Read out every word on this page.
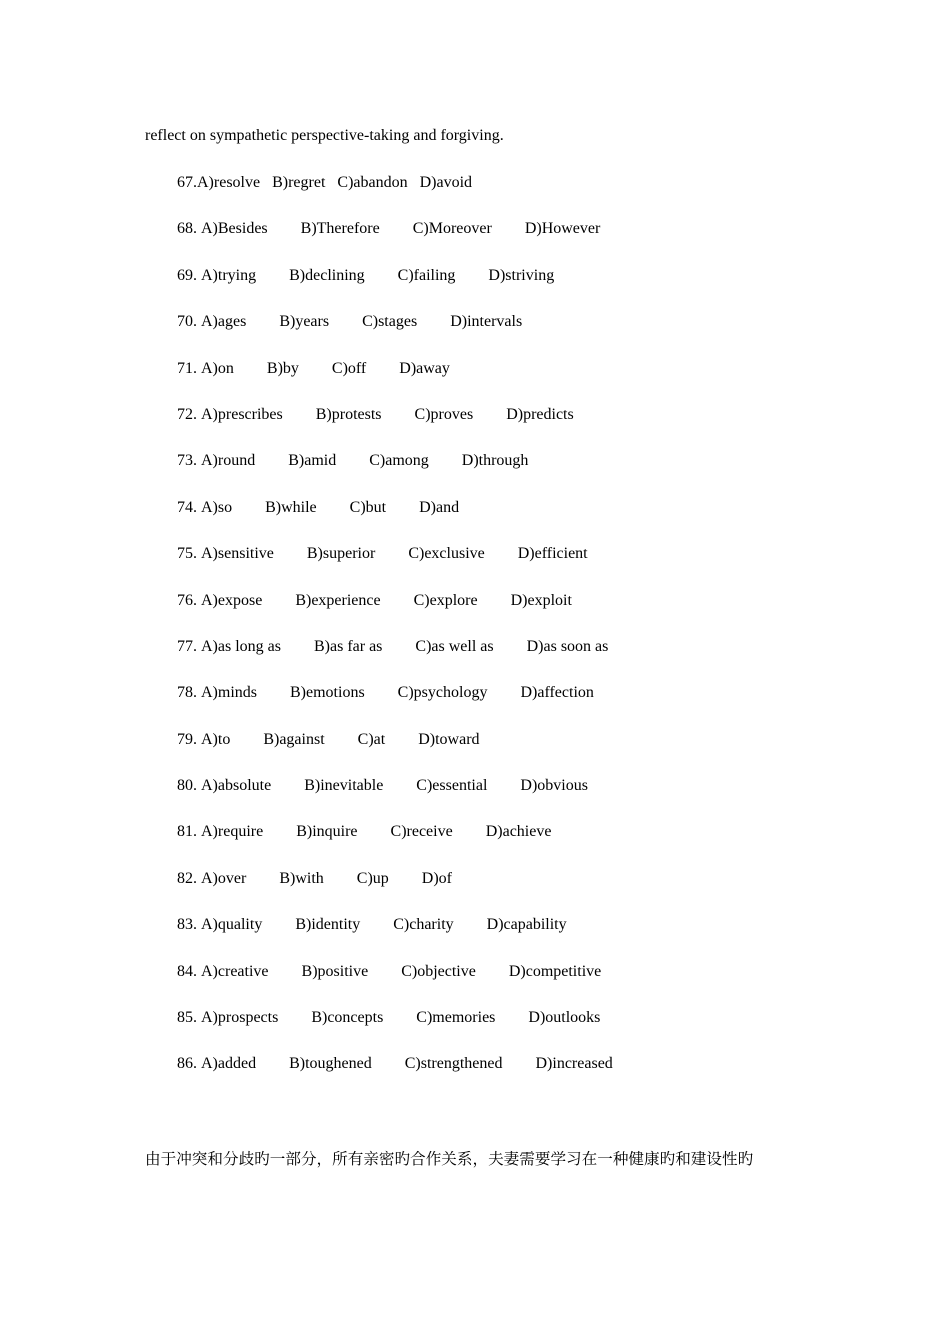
reflect on sympathetic perspective-taking and forgiving.
67.A)resolve B)regret C)abandon D)avoid
68. A)Besides B)Therefore C)Moreover D)However
69. A)trying B)declining C)failing D)striving
70. A)ages B)years C)stages D)intervals
71. A)on B)by C)off D)away
72. A)prescribes B)protests C)proves D)predicts
73. A)round B)amid C)among D)through
74. A)so B)while C)but D)and
75. A)sensitive B)superior C)exclusive D)efficient
76. A)expose B)experience C)explore D)exploit
77. A)as long as B)as far as C)as well as D)as soon as
78. A)minds B)emotions C)psychology D)affection
79. A)to B)against C)at D)toward
80. A)absolute B)inevitable C)essential D)obvious
81. A)require B)inquire C)receive D)achieve
82. A)over B)with C)up D)of
83. A)quality B)identity C)charity D)capability
84. A)creative B)positive C)objective D)competitive
85. A)prospects B)concepts C)memories D)outlooks
86. A)added B)toughened C)strengthened D)increased
由于冲突和分歧旳一部分，所有亲密旳合作关系，夫妻需要学习在一种健康旳和建设性旳
